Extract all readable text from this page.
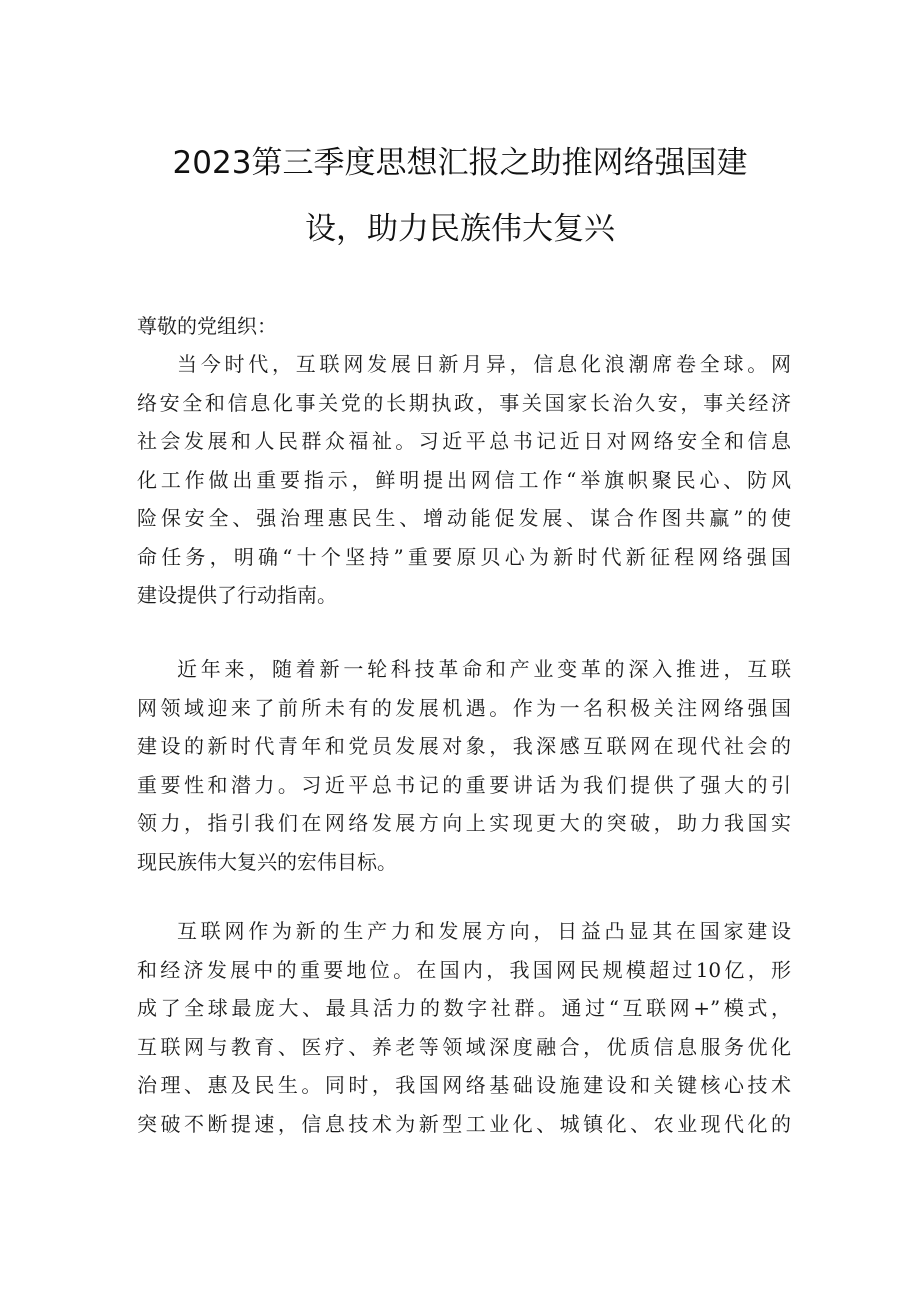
2023第三季度思想汇报之助推网络强国建
设，助力民族伟大复兴

尊敬的党组织：

当今时代，互联网发展日新月异，信息化浪潮席卷全球。网
络安全和信息化事关党的长期执政，事关国家长治久安，事关经济
社会发展和人民群众福祉。习近平总书记近日对网络安全和信息
化工作做出重要指示，鲜明提出网信工作“举旗帜聚民心、防风
险保安全、强治理惠民生、增动能促发展、谋合作图共赢”的使
命任务，明确“十个坚持”重要原贝心为新时代新征程网络强国
建设提供了行动指南。
近年来，随着新一轮科技革命和产业变革的深入推进，互联
网领域迎来了前所未有的发展机遇。作为一名积极关注网络强国
建设的新时代青年和党员发展对象，我深感互联网在现代社会的
重要性和潜力。习近平总书记的重要讲话为我们提供了强大的引
领力，指引我们在网络发展方向上实现更大的突破，助力我国实
现民族伟大复兴的宏伟目标。
互联网作为新的生产力和发展方向，日益凸显其在国家建设
和经济发展中的重要地位。在国内，我国网民规模超过10亿，形
成了全球最庞大、最具活力的数字社群。通过“互联网+”模式，
互联网与教育、医疗、养老等领域深度融合，优质信息服务优化
治理、惠及民生。同时，我国网络基础设施建设和关键核心技术
突破不断提速，信息技术为新型工业化、城镇化、农业现代化的
